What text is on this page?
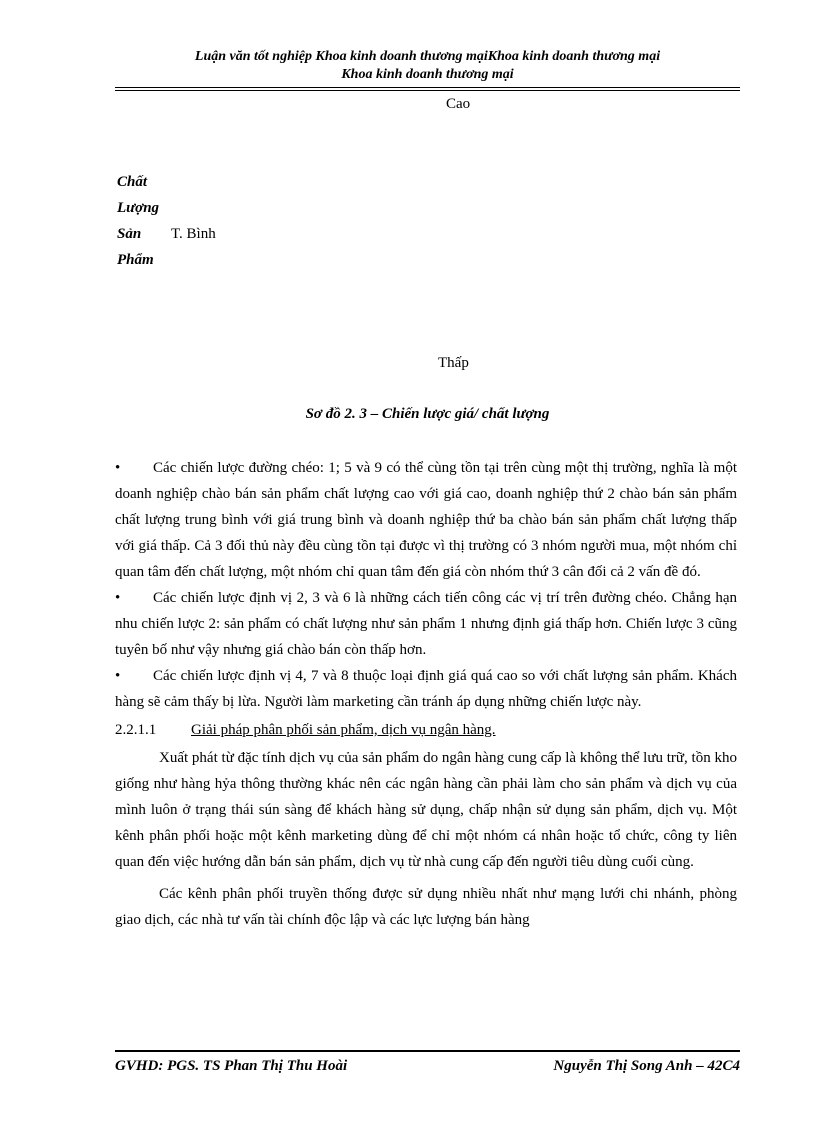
Luận văn tốt nghiệp Khoa kinh doanh thương mạiKhoa kinh doanh thương mại
Khoa kinh doanh thương mại
Cao
Chất
Lượng
Sản T. Bình
Phẩm
Thấp
Sơ đồ 2. 3 – Chiến lược giá/ chất lượng

• Các chiến lược đường chéo: 1; 5 và 9 có thể cùng tồn tại trên cùng một thị trường, nghĩa là một doanh nghiệp chào bán sản phẩm chất lượng cao với giá cao, doanh nghiệp thứ 2 chào bán sản phẩm chất lượng trung bình với giá trung bình và doanh nghiệp thứ ba chào bán sản phẩm chất lượng thấp với giá thấp. Cả 3 đối thủ này đều cùng tồn tại được vì thị trường có 3 nhóm người mua, một nhóm chỉ quan tâm đến chất lượng, một nhóm chỉ quan tâm đến giá còn nhóm thứ 3 cân đối cả 2 vấn đề đó.

• Các chiến lược định vị 2, 3 và 6 là những cách tiến công các vị trí trên đường chéo. Chẳng hạn nhu chiến lược 2: sản phẩm có chất lượng như sản phẩm 1 nhưng định giá thấp hơn. Chiến lược 3 cũng tuyên bố như vậy nhưng giá chào bán còn thấp hơn.

• Các chiến lược định vị 4, 7 và 8 thuộc loại định giá quá cao so với chất lượng sản phẩm. Khách hàng sẽ cảm thấy bị lừa. Người làm marketing cần tránh áp dụng những chiến lược này.

2.2.1.1	Giải pháp phân phối sản phẩm, dịch vụ ngân hàng.

Xuất phát từ đặc tính dịch vụ của sản phẩm do ngân hàng cung cấp là không thể lưu trữ, tồn kho giống như hàng hỷa thông thường khác nên các ngân hàng cần phải làm cho sản phẩm và dịch vụ của mình luôn ở trạng thái sún sàng để khách hàng sử dụng, chấp nhận sử dụng sản phẩm, dịch vụ. Một kênh phân phối hoặc một kênh marketing dùng để chỉ một nhóm cá nhân hoặc tổ chức, công ty liên quan đến việc hướng dẫn bán sản phẩm, dịch vụ từ nhà cung cấp đến người tiêu dùng cuối cùng.

Các kênh phân phối truyền thống được sử dụng nhiều nhất như mạng lưới chi nhánh, phòng giao dịch, các nhà tư vấn tài chính độc lập và các lực lượng bán hàng

GVHD: PGS. TS Phan Thị Thu Hoài	Nguyễn Thị Song Anh – 42C4
